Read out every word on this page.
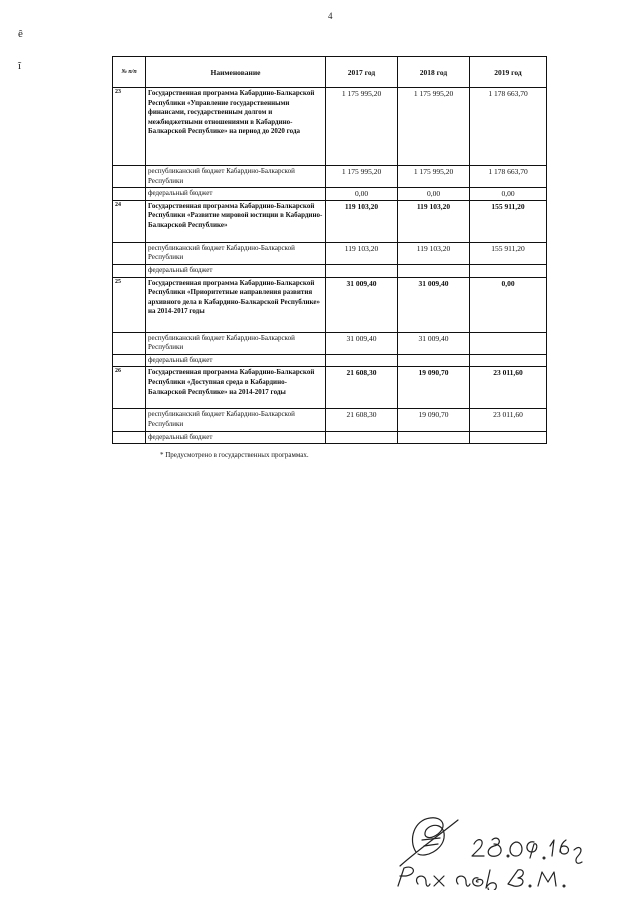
4
ê
ĩ	№ п/п	Наименование	2017 год	2018 год	2019 год
23	Государственная программа Кабардино-Балкарской Республики «Управление государственными финансами, государственным долгом и межбюджетными отношениями в Кабардино-Балкарской Республике» на период до 2020 года	1 175 995,20	1 175 995,20	1 178 663,70
	республиканский бюджет Кабардино-Балкарской Республики	1 175 995,20	1 175 995,20	1 178 663,70
	федеральный бюджет	0,00	0,00	0,00
24	Государственная программа Кабардино-Балкарской Республики «Развитие мировой юстиции в Кабардино-Балкарской Республике»	119 103,20	119 103,20	155 911,20
	республиканский бюджет Кабардино-Балкарской Республики	119 103,20	119 103,20	155 911,20
	федеральный бюджет			
25	Государственная программа Кабардино-Балкарской Республики «Приоритетные направления развития архивного дела в Кабардино-Балкарской Республике» на 2014-2017 годы	31 009,40	31 009,40	0,00
	республиканский бюджет Кабардино-Балкарской Республики	31 009,40	31 009,40	
	федеральный бюджет			
26	Государственная программа Кабардино-Балкарской Республики «Доступная среда в Кабардино-Балкарской Республике» на 2014-2017 годы	21 608,30	19 090,70	23 011,60
	республиканский бюджет Кабардино-Балкарской Республики	21 608,30	19 090,70	23 011,60
	федеральный бюджет			
* Предусмотрено в государственных программах.
